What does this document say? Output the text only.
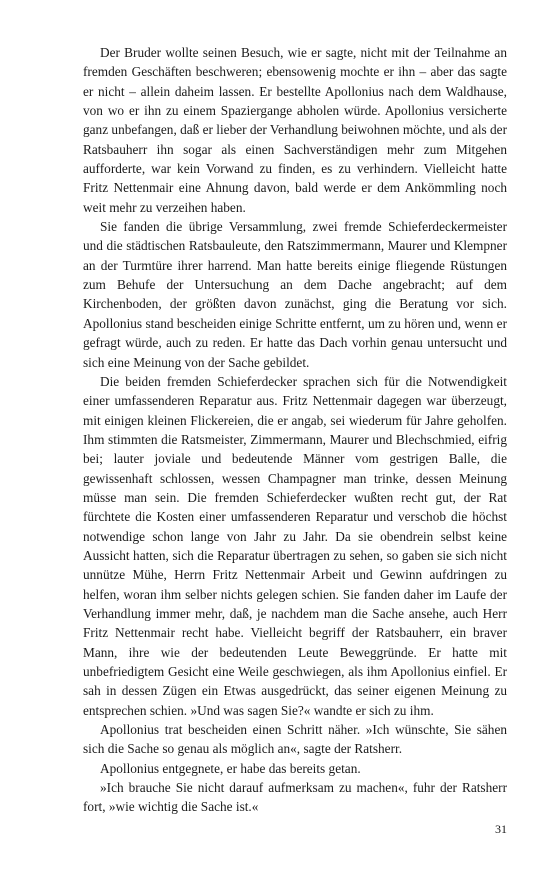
Der Bruder wollte seinen Besuch, wie er sagte, nicht mit der Teilnahme an fremden Geschäften beschweren; ebensowenig mochte er ihn – aber das sagte er nicht – allein daheim lassen. Er bestellte Apollonius nach dem Waldhause, von wo er ihn zu einem Spaziergange abholen würde. Apollonius versicherte ganz unbefangen, daß er lieber der Verhandlung beiwohnen möchte, und als der Ratsbauherr ihn sogar als einen Sachverständigen mehr zum Mitgehen aufforderte, war kein Vorwand zu finden, es zu verhindern. Vielleicht hatte Fritz Nettenmair eine Ahnung davon, bald werde er dem Ankömmling noch weit mehr zu verzeihen haben.

Sie fanden die übrige Versammlung, zwei fremde Schieferdeckermeister und die städtischen Ratsbauleute, den Ratszimmermann, Maurer und Klempner an der Turmtüre ihrer harrend. Man hatte bereits einige fliegende Rüstungen zum Behufe der Untersuchung an dem Dache angebracht; auf dem Kirchenboden, der größten davon zunächst, ging die Beratung vor sich. Apollonius stand bescheiden einige Schritte entfernt, um zu hören und, wenn er gefragt würde, auch zu reden. Er hatte das Dach vorhin genau untersucht und sich eine Meinung von der Sache gebildet.

Die beiden fremden Schieferdecker sprachen sich für die Notwendigkeit einer umfassenderen Reparatur aus. Fritz Nettenmair dagegen war überzeugt, mit einigen kleinen Flickereien, die er angab, sei wiederum für Jahre geholfen. Ihm stimmten die Ratsmeister, Zimmermann, Maurer und Blechschmied, eifrig bei; lauter joviale und bedeutende Männer vom gestrigen Balle, die gewissenhaft schlossen, wessen Champagner man trinke, dessen Meinung müsse man sein. Die fremden Schieferdecker wußten recht gut, der Rat fürchtete die Kosten einer umfassenderen Reparatur und verschob die höchst notwendige schon lange von Jahr zu Jahr. Da sie obendrein selbst keine Aussicht hatten, sich die Reparatur übertragen zu sehen, so gaben sie sich nicht unnütze Mühe, Herrn Fritz Nettenmair Arbeit und Gewinn aufdringen zu helfen, woran ihm selber nichts gelegen schien. Sie fanden daher im Laufe der Verhandlung immer mehr, daß, je nachdem man die Sache ansehe, auch Herr Fritz Nettenmair recht habe. Vielleicht begriff der Ratsbauherr, ein braver Mann, ihre wie der bedeutenden Leute Beweggründe. Er hatte mit unbefriedigtem Gesicht eine Weile geschwiegen, als ihm Apollonius einfiel. Er sah in dessen Zügen ein Etwas ausgedrückt, das seiner eigenen Meinung zu entsprechen schien. »Und was sagen Sie?« wandte er sich zu ihm.

Apollonius trat bescheiden einen Schritt näher. »Ich wünschte, Sie sähen sich die Sache so genau als möglich an«, sagte der Ratsherr.

Apollonius entgegnete, er habe das bereits getan.

»Ich brauche Sie nicht darauf aufmerksam zu machen«, fuhr der Ratsherr fort, »wie wichtig die Sache ist.«

31
